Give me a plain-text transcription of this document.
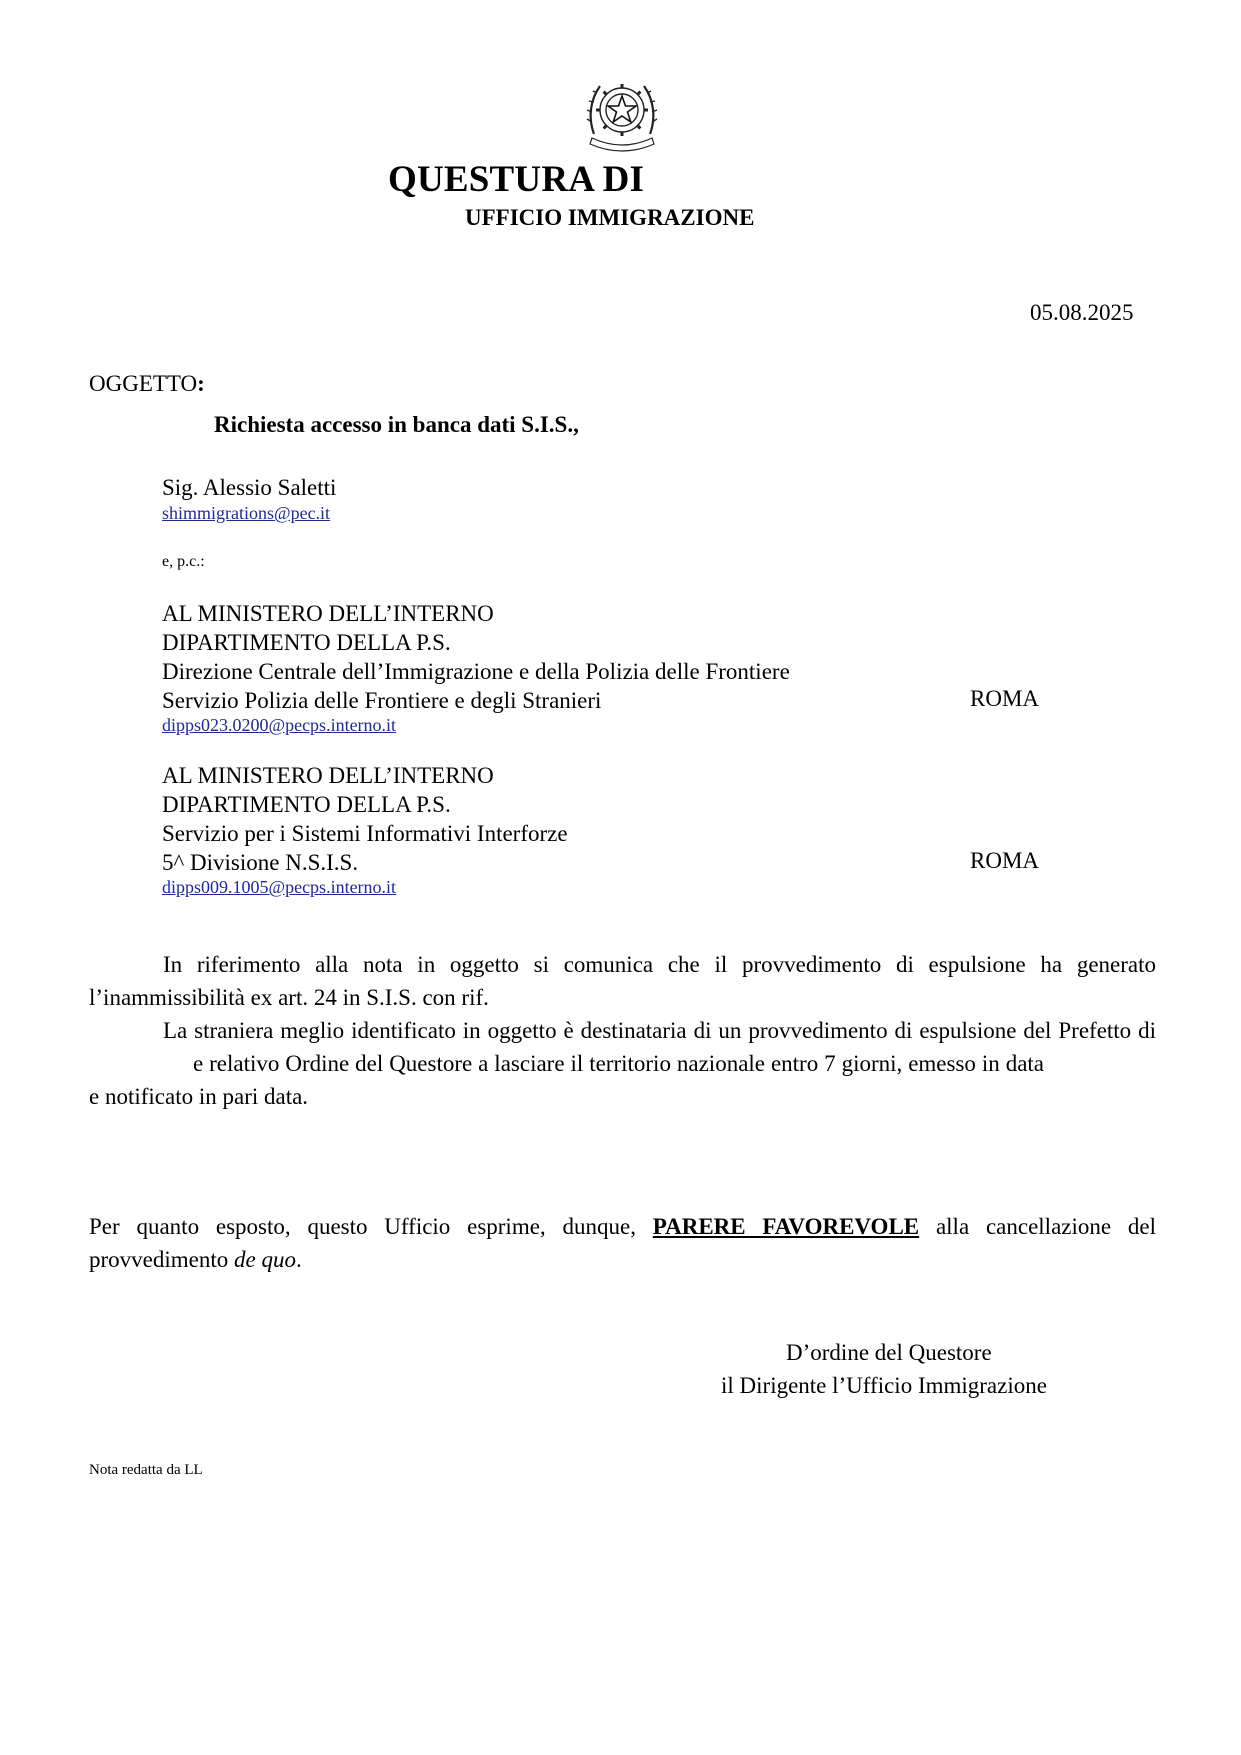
QUESTURA DI
UFFICIO IMMIGRAZIONE
05.08.2025
OGGETTO:
Richiesta accesso in banca dati S.I.S.,
Sig. Alessio Saletti
shimmigrations@pec.it
e, p.c.:
AL MINISTERO DELL’INTERNO
DIPARTIMENTO DELLA P.S.
Direzione Centrale dell’Immigrazione e della Polizia delle Frontiere
Servizio Polizia delle Frontiere e degli Stranieri	ROMA
dipps023.0200@pecps.interno.it
AL MINISTERO DELL’INTERNO
DIPARTIMENTO DELLA P.S.
Servizio per i Sistemi Informativi Interforze
5^ Divisione N.S.I.S.	ROMA
dipps009.1005@pecps.interno.it

In riferimento alla nota in oggetto si comunica che il provvedimento di espulsione ha generato l’inammissibilità ex art. 24 in S.I.S. con rif.

La straniera meglio identificato in oggetto è destinataria di un provvedimento di espulsione del Prefetto die relativo Ordine del Questore a lasciare il territorio nazionale entro 7 giorni, emesso in datae notificato in pari data.

Per quanto esposto, questo Ufficio esprime, dunque, PARERE FAVOREVOLE alla cancellazione del provvedimento de quo.

D’ordine del Questore
il Dirigente l’Ufficio Immigrazione
Nota redatta da LL
